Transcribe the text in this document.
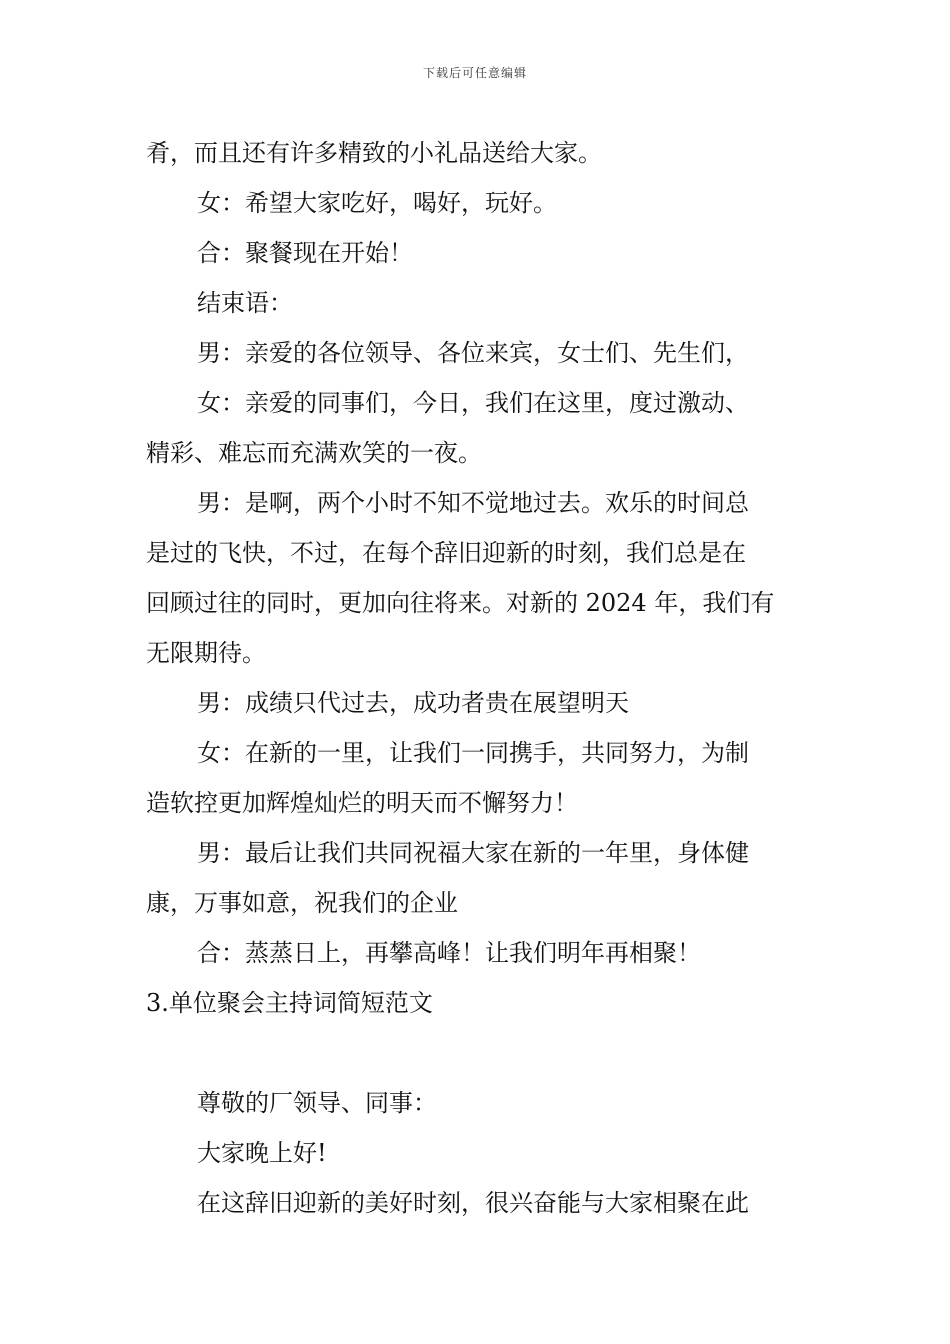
下载后可任意编辑

肴，而且还有许多精致的小礼品送给大家。

女：希望大家吃好，喝好，玩好。

合：聚餐现在开始！

结束语：

男：亲爱的各位领导、各位来宾，女士们、先生们，

女：亲爱的同事们，今日，我们在这里，度过激动、

精彩、难忘而充满欢笑的一夜。

男：是啊，两个小时不知不觉地过去。欢乐的时间总

是过的飞快，不过，在每个辞旧迎新的时刻，我们总是在

回顾过往的同时，更加向往将来。对新的 2024 年，我们有

无限期待。

男：成绩只代过去，成功者贵在展望明天

女：在新的一里，让我们一同携手，共同努力，为制

造软控更加辉煌灿烂的明天而不懈努力！

男：最后让我们共同祝福大家在新的一年里，身体健

康，万事如意，祝我们的企业

合：蒸蒸日上，再攀高峰！让我们明年再相聚！

3.单位聚会主持词简短范文

尊敬的厂领导、同事：

大家晚上好!

在这辞旧迎新的美好时刻，很兴奋能与大家相聚在此
